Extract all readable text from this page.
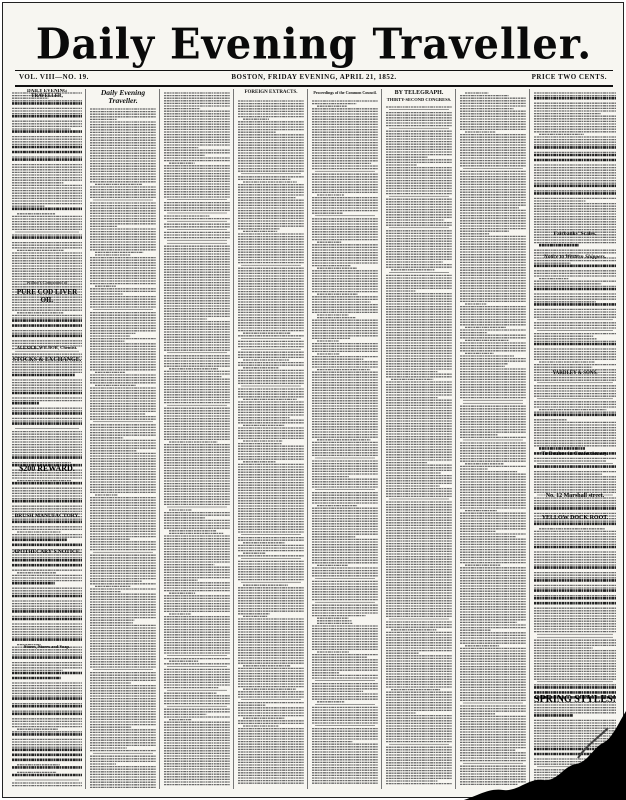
Daily Evening Traveller.
VOL. VIII—NO. 19.	BOSTON, FRIDAY EVENING, APRIL 21, 1852.	PRICE TWO CENTS.
DAILY EVENING TRAVELLER,
Wilbor's Compound of
PURE COD LIVER OIL
ALEXR B. WILBOR, Chemist.
STOCKS & EXCHANGE.
$200 REWARD.
BRUSH MANUFACTORY.
APOTHECARY'S NOTICE.
Stores, Stores and Soap.
Daily Evening Traveller.
FOREIGN EXTRACTS.	Proceedings of the Common Council.	BY TELEGRAPH.
THIRTY-SECOND CONGRESS.
Fairbanks' Scales.
Notice to Western Shippers.
YARDLEY & SONS.
To Dealers in Confectionery.
No. 12 Marshall street.
YELLOW DOCK ROOT.
SPRING STYLES!
